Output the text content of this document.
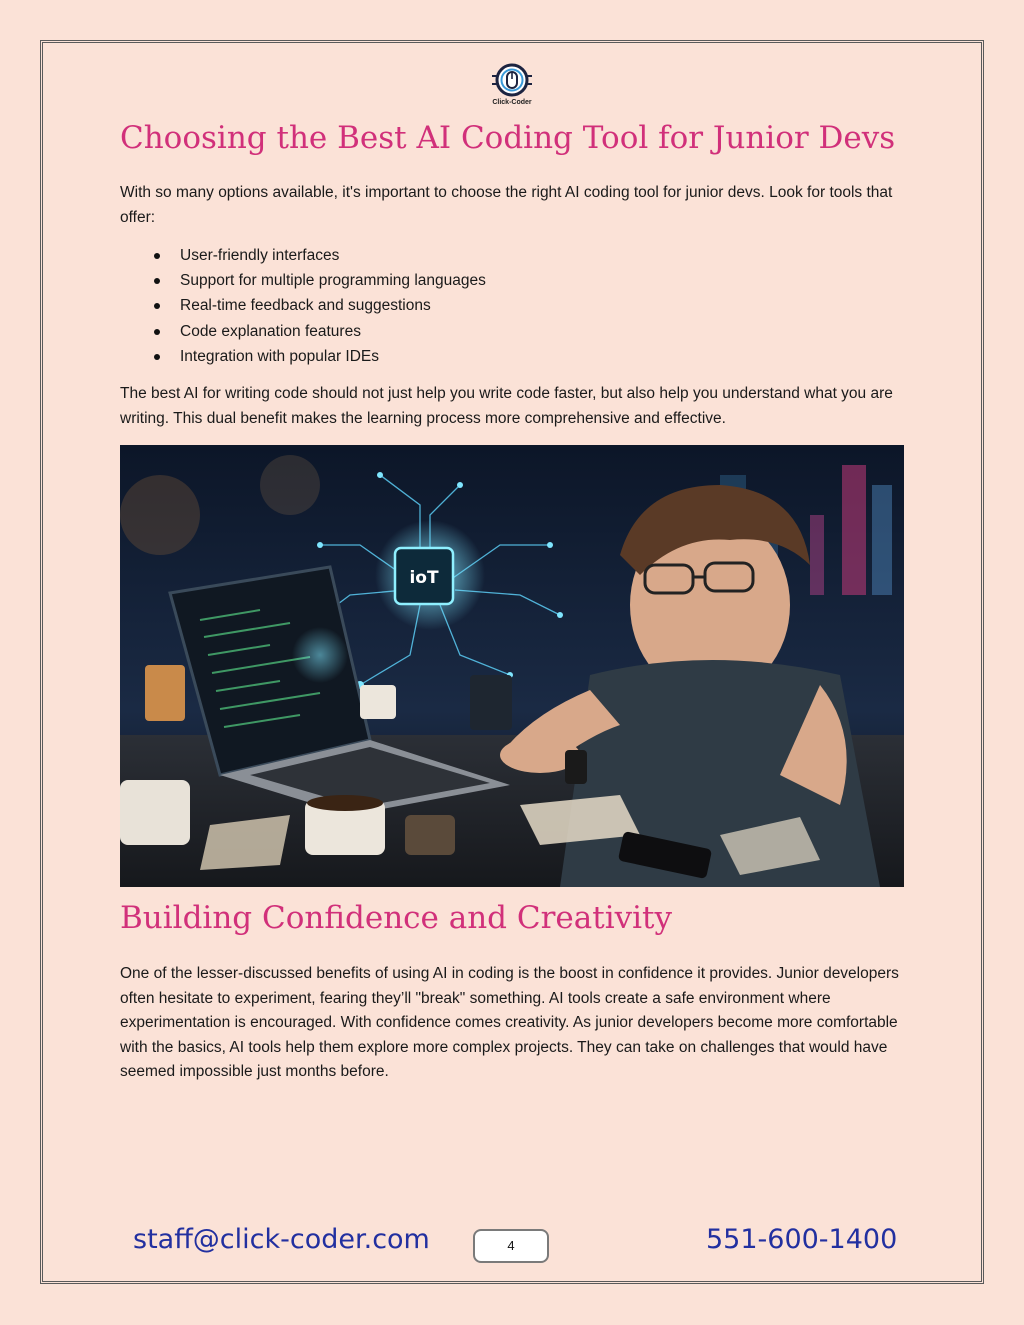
Click-Coder
Choosing the Best AI Coding Tool for Junior Devs

With so many options available, it's important to choose the right AI coding tool for junior devs. Look for tools that offer:

User-friendly interfaces
Support for multiple programming languages
Real-time feedback and suggestions
Code explanation features
Integration with popular IDEs

The best AI for writing code should not just help you write code faster, but also help you understand what you are writing. This dual benefit makes the learning process more comprehensive and effective.

ioT
Building Confidence and Creativity

One of the lesser-discussed benefits of using AI in coding is the boost in confidence it provides. Junior developers often hesitate to experiment, fearing they’ll "break" something. AI tools create a safe environment where experimentation is encouraged. With confidence comes creativity. As junior developers become more comfortable with the basics, AI tools help them explore more complex projects. They can take on challenges that would have seemed impossible just months before.

staff@click-coder.com	4	551-600-1400
